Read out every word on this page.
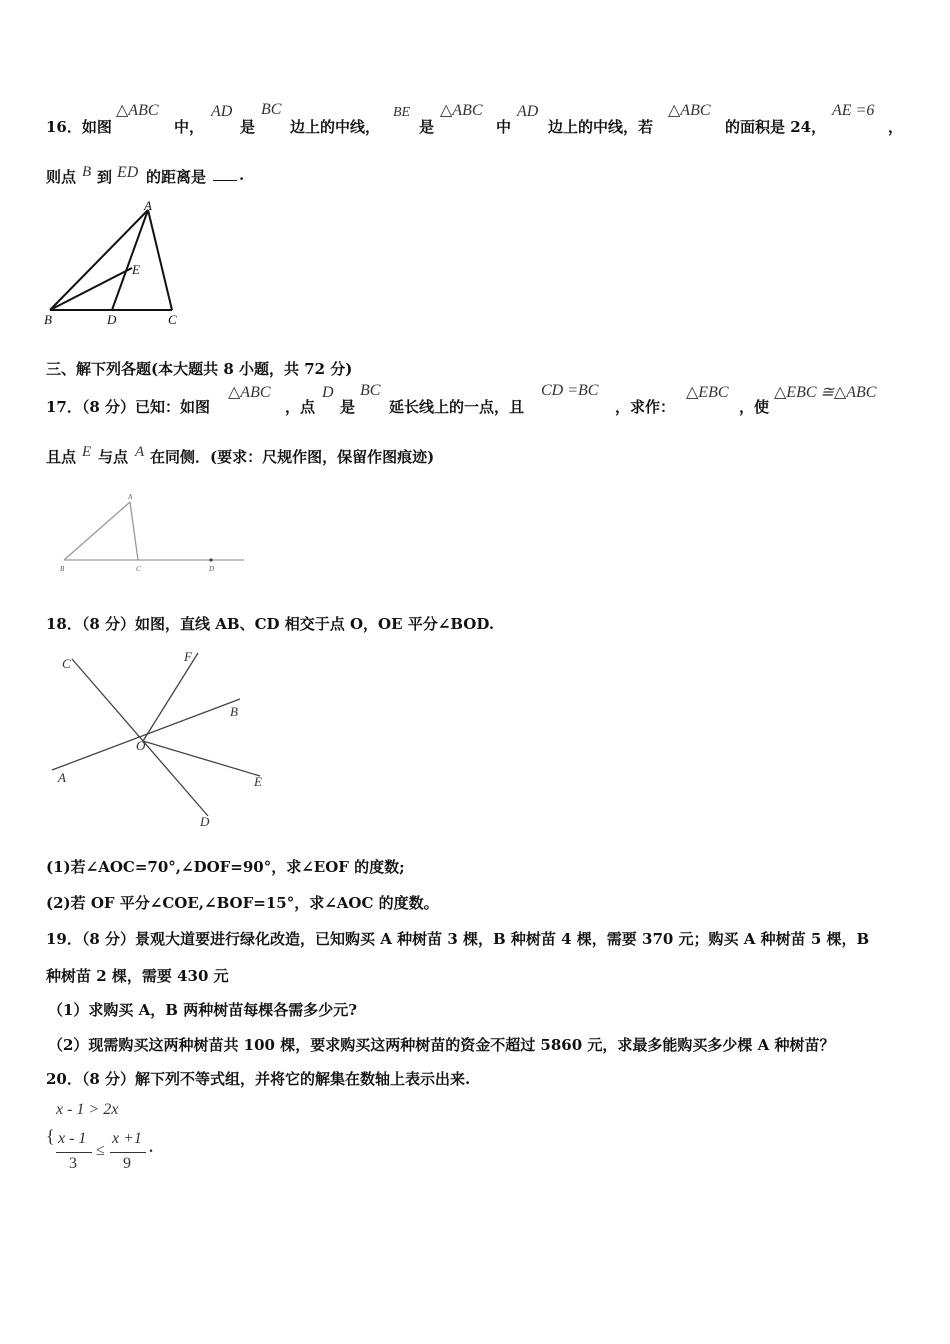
16．如图
△ABC
中，
AD
是
BC
边上的中线，
BE
是
△ABC
中
AD
边上的中线，若
△ABC
的面积是 24，
AE =6
，
则点 B 到 ED 的距离是 .
A
B	C
D
E
三、解下列各题(本大题共 8 小题，共 72 分)
17．（8 分）已知：如图
△ABC
，点
D
是
BC
延长线上的一点，且
CD =BC
，求作：
△EBC
，使
△EBC ≅△ABC
且点 E 与点 A 在同侧．(要求：尺规作图，保留作图痕迹)
A
B	C	D
18．（8 分）如图，直线 AB、CD 相交于点 O，OE 平分∠BOD.
A
B
C
D
E
F
O
(1)若∠AOC=70°,∠DOF=90°，求∠EOF 的度数;
(2)若 OF 平分∠COE,∠BOF=15°，求∠AOC 的度数。
19．（8 分）景观大道要进行绿化改造，已知购买 A 种树苗 3 棵，B 种树苗 4 棵，需要 370 元；购买 A 种树苗 5 棵，B
种树苗 2 棵，需要 430 元
（1）求购买 A，B 两种树苗每棵各需多少元?
（2）现需购买这两种树苗共 100 棵，要求购买这两种树苗的资金不超过 5860 元，求最多能购买多少棵 A 种树苗？
20．（8 分）解下列不等式组，并将它的解集在数轴上表示出来.
x - 1 > 2x
{ x - 1
3
≤
x +1
9
.
